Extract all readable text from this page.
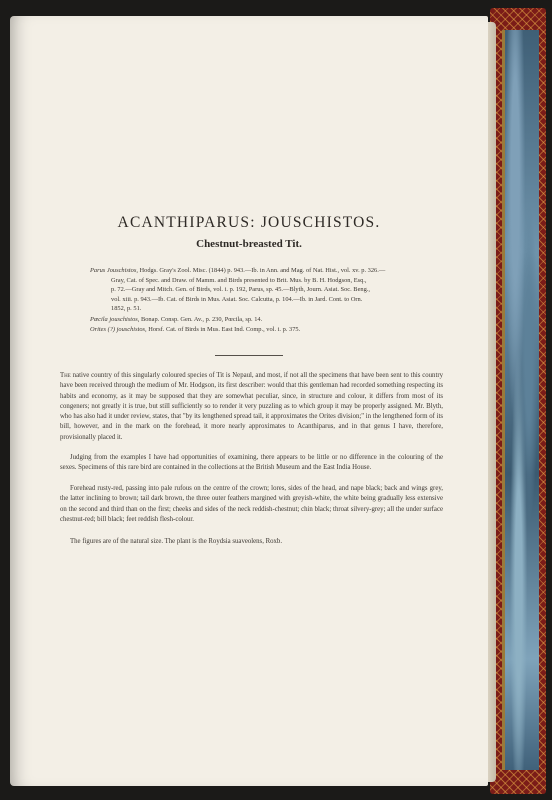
ACANTHIPARUS: JOUSCHISTOS.
Chestnut-breasted Tit.
Parus Jouschistos, Hodgs. Gray's Zool. Misc. (1844) p. 943.—Ib. in Ann. and Mag. of Nat. Hist., vol. xv. p. 326.—
Gray, Cat. of Spec. and Draw. of Mamm. and Birds presented to Brit. Mus. by B. H. Hodgson, Esq.,
p. 72.—Gray and Mitch. Gen. of Birds, vol. i. p. 192, Parus, sp. 45.—Blyth, Journ. Asiat. Soc. Beng.,
vol. xiii. p. 943.—Ib. Cat. of Birds in Mus. Asiat. Soc. Calcutta, p. 104.—Ib. in Jard. Cont. to Orn.
1852, p. 51.
Pœcila jouschistos, Bonap. Consp. Gen. Av., p. 230, Pœcila, sp. 14.
Orites (?) jouschistos, Horsf. Cat. of Birds in Mus. East Ind. Comp., vol. i. p. 375.
The native country of this singularly coloured species of Tit is Nepaul, and most, if not all the specimens that have been sent to this country have been received through the medium of Mr. Hodgson, its first describer: would that this gentleman had recorded something respecting its habits and economy, as it may be supposed that they are somewhat peculiar, since, in structure and colour, it differs from most of its congeners; not greatly it is true, but still sufficiently so to render it very puzzling as to which group it may be properly assigned. Mr. Blyth, who has also had it under review, states, that "by its lengthened spread tail, it approximates the Orites division;" in the lengthened form of its bill, however, and in the mark on the forehead, it more nearly approximates to Acanthiparus, and in that genus I have, therefore, provisionally placed it.
Judging from the examples I have had opportunities of examining, there appears to be little or no difference in the colouring of the sexes. Specimens of this rare bird are contained in the collections at the British Museum and the East India House.
Forehead rusty-red, passing into pale rufous on the centre of the crown; lores, sides of the head, and nape black; back and wings grey, the latter inclining to brown; tail dark brown, the three outer feathers margined with greyish-white, the white being gradually less extensive on the second and third than on the first; cheeks and sides of the neck reddish-chestnut; chin black; throat silvery-grey; all the under surface chestnut-red; bill black; feet reddish flesh-colour.
The figures are of the natural size. The plant is the Roydsia suaveolens, Roxb.
